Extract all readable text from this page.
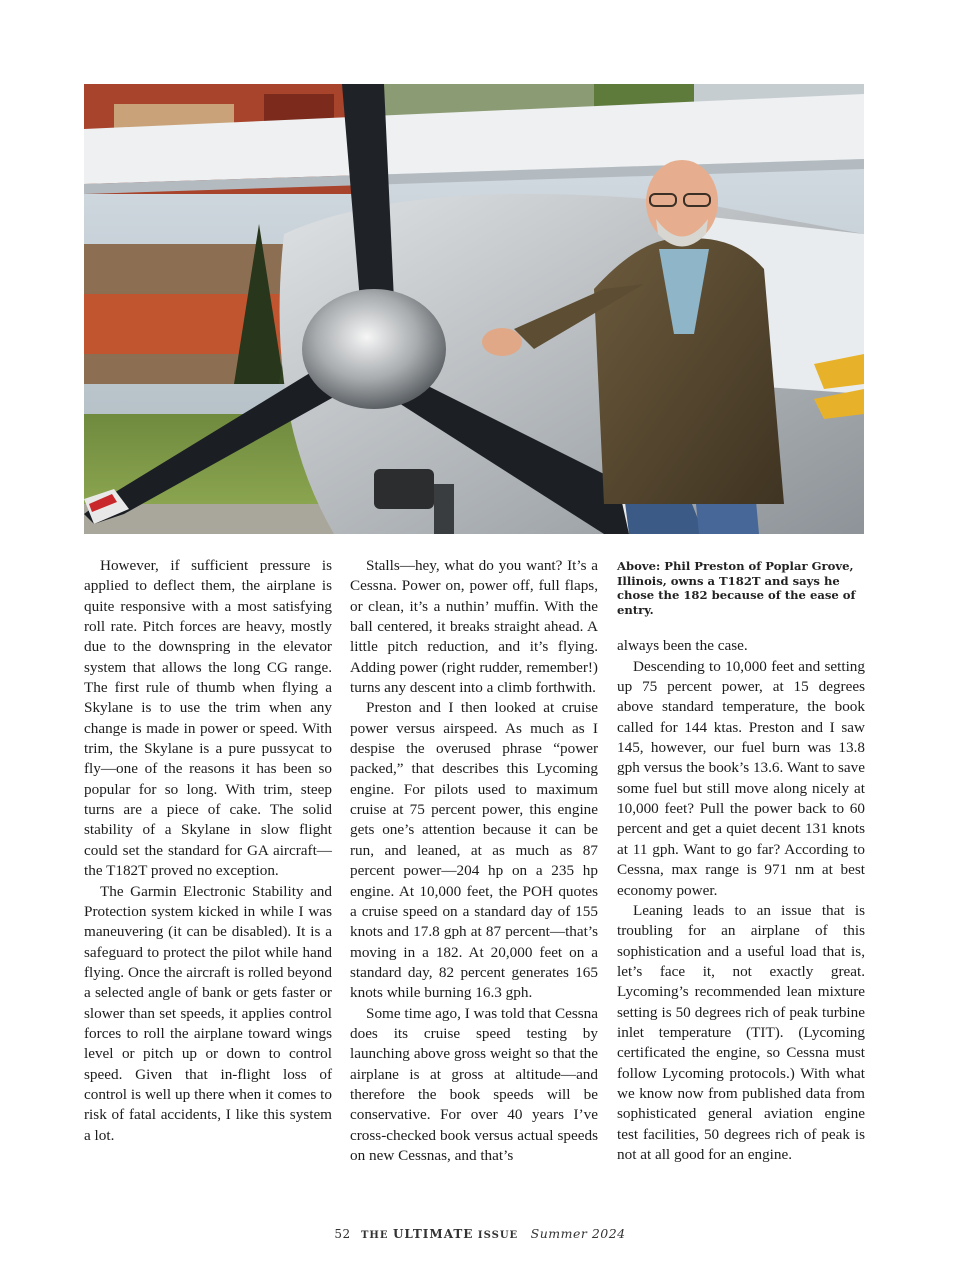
However, if sufficient pressure is applied to deflect them, the airplane is quite responsive with a most satisfying roll rate. Pitch forces are heavy, mostly due to the downspring in the elevator system that allows the long CG range. The first rule of thumb when flying a Skylane is to use the trim when any change is made in power or speed. With trim, the Skylane is a pure pussycat to fly—one of the reasons it has been so popular for so long. With trim, steep turns are a piece of cake. The solid stability of a Skylane in slow flight could set the standard for GA aircraft—the T182T proved no exception.

The Garmin Electronic Stability and Protection system kicked in while I was maneuvering (it can be disabled). It is a safeguard to protect the pilot while hand flying. Once the aircraft is rolled beyond a selected angle of bank or gets faster or slower than set speeds, it applies control forces to roll the airplane toward wings level or pitch up or down to control speed. Given that in-flight loss of control is well up there when it comes to risk of fatal accidents, I like this system a lot.

Stalls—hey, what do you want? It’s a Cessna. Power on, power off, full flaps, or clean, it’s a nuthin’ muffin. With the ball centered, it breaks straight ahead. A little pitch reduction, and it’s flying. Adding power (right rudder, remember!) turns any descent into a climb forthwith.

Preston and I then looked at cruise power versus airspeed. As much as I despise the overused phrase “power packed,” that describes this Lycoming engine. For pilots used to maximum cruise at 75 percent power, this engine gets one’s attention because it can be run, and leaned, at as much as 87 percent power—204 hp on a 235 hp engine. At 10,000 feet, the POH quotes a cruise speed on a standard day of 155 knots and 17.8 gph at 87 percent—that’s moving in a 182. At 20,000 feet on a standard day, 82 percent generates 165 knots while burning 16.3 gph.

Some time ago, I was told that Cessna does its cruise speed testing by launching above gross weight so that the airplane is at gross at altitude—and therefore the book speeds will be conservative. For over 40 years I’ve cross-checked book versus actual speeds on new Cessnas, and that’s

Above: Phil Preston of Poplar Grove, Illinois, owns a T182T and says he chose the 182 because of the ease of entry.

always been the case.

Descending to 10,000 feet and setting up 75 percent power, at 15 degrees above standard temperature, the book called for 144 ktas. Preston and I saw 145, however, our fuel burn was 13.8 gph versus the book’s 13.6. Want to save some fuel but still move along nicely at 10,000 feet? Pull the power back to 60 percent and get a quiet decent 131 knots at 11 gph. Want to go far? According to Cessna, max range is 971 nm at best economy power.

Leaning leads to an issue that is troubling for an airplane of this sophistication and a useful load that is, let’s face it, not exactly great. Lycoming’s recommended lean mixture setting is 50 degrees rich of peak turbine inlet temperature (TIT). (Lycoming certificated the engine, so Cessna must follow Lycoming protocols.) With what we know now from published data from sophisticated general aviation engine test facilities, 50 degrees rich of peak is not at all good for an engine.

52 THE ULTIMATE ISSUE Summer 2024
